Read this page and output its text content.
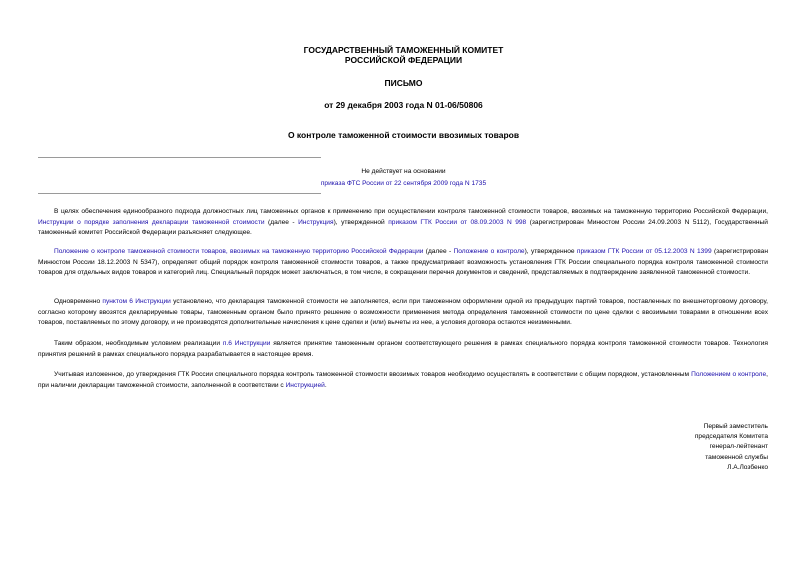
ГОСУДАРСТВЕННЫЙ ТАМОЖЕННЫЙ КОМИТЕТ
РОССИЙСКОЙ ФЕДЕРАЦИИ
ПИСЬМО
от 29 декабря 2003 года N 01-06/50806
О контроле таможенной стоимости ввозимых товаров
Не действует на основании
приказа ФТС России от 22 сентября 2009 года N 1735
В целях обеспечения единообразного подхода должностных лиц таможенных органов к применению при осуществлении контроля таможенной стоимости товаров, ввозимых на таможенную территорию Российской Федерации, Инструкции о порядке заполнения декларации таможенной стоимости (далее - Инструкция), утвержденной приказом ГТК России от 08.09.2003 N 998 (зарегистрирован Минюстом России 24.09.2003 N 5112), Государственный таможенный комитет Российской Федерации разъясняет следующее.
Положение о контроле таможенной стоимости товаров, ввозимых на таможенную территорию Российской Федерации (далее - Положение о контроле), утвержденное приказом ГТК России от 05.12.2003 N 1399 (зарегистрирован Минюстом России 18.12.2003 N 5347), определяет общий порядок контроля таможенной стоимости товаров, а также предусматривает возможность установления ГТК России специального порядка контроля таможенной стоимости товаров для отдельных видов товаров и категорий лиц. Специальный порядок может заключаться, в том числе, в сокращении перечня документов и сведений, представляемых в подтверждение заявленной таможенной стоимости.
Одновременно пунктом 6 Инструкции установлено, что декларация таможенной стоимости не заполняется, если при таможенном оформлении одной из предыдущих партий товаров, поставленных по внешнеторговому договору, согласно которому ввозятся декларируемые товары, таможенным органом было принято решение о возможности применения метода определения таможенной стоимости по цене сделки с ввозимыми товарами в отношении всех товаров, поставляемых по этому договору, и не производятся дополнительные начисления к цене сделки и (или) вычеты из нее, а условия договора остаются неизменными.
Таким образом, необходимым условием реализации п.6 Инструкции является принятие таможенным органом соответствующего решения в рамках специального порядка контроля таможенной стоимости товаров. Технология принятия решений в рамках специального порядка разрабатывается в настоящее время.
Учитывая изложенное, до утверждения ГТК России специального порядка контроль таможенной стоимости ввозимых товаров необходимо осуществлять в соответствии с общим порядком, установленным Положением о контроле, при наличии декларации таможенной стоимости, заполненной в соответствии с Инструкцией.
Первый заместитель
председателя Комитета
генерал-лейтенант
таможенной службы
Л.А.Лозбенко
